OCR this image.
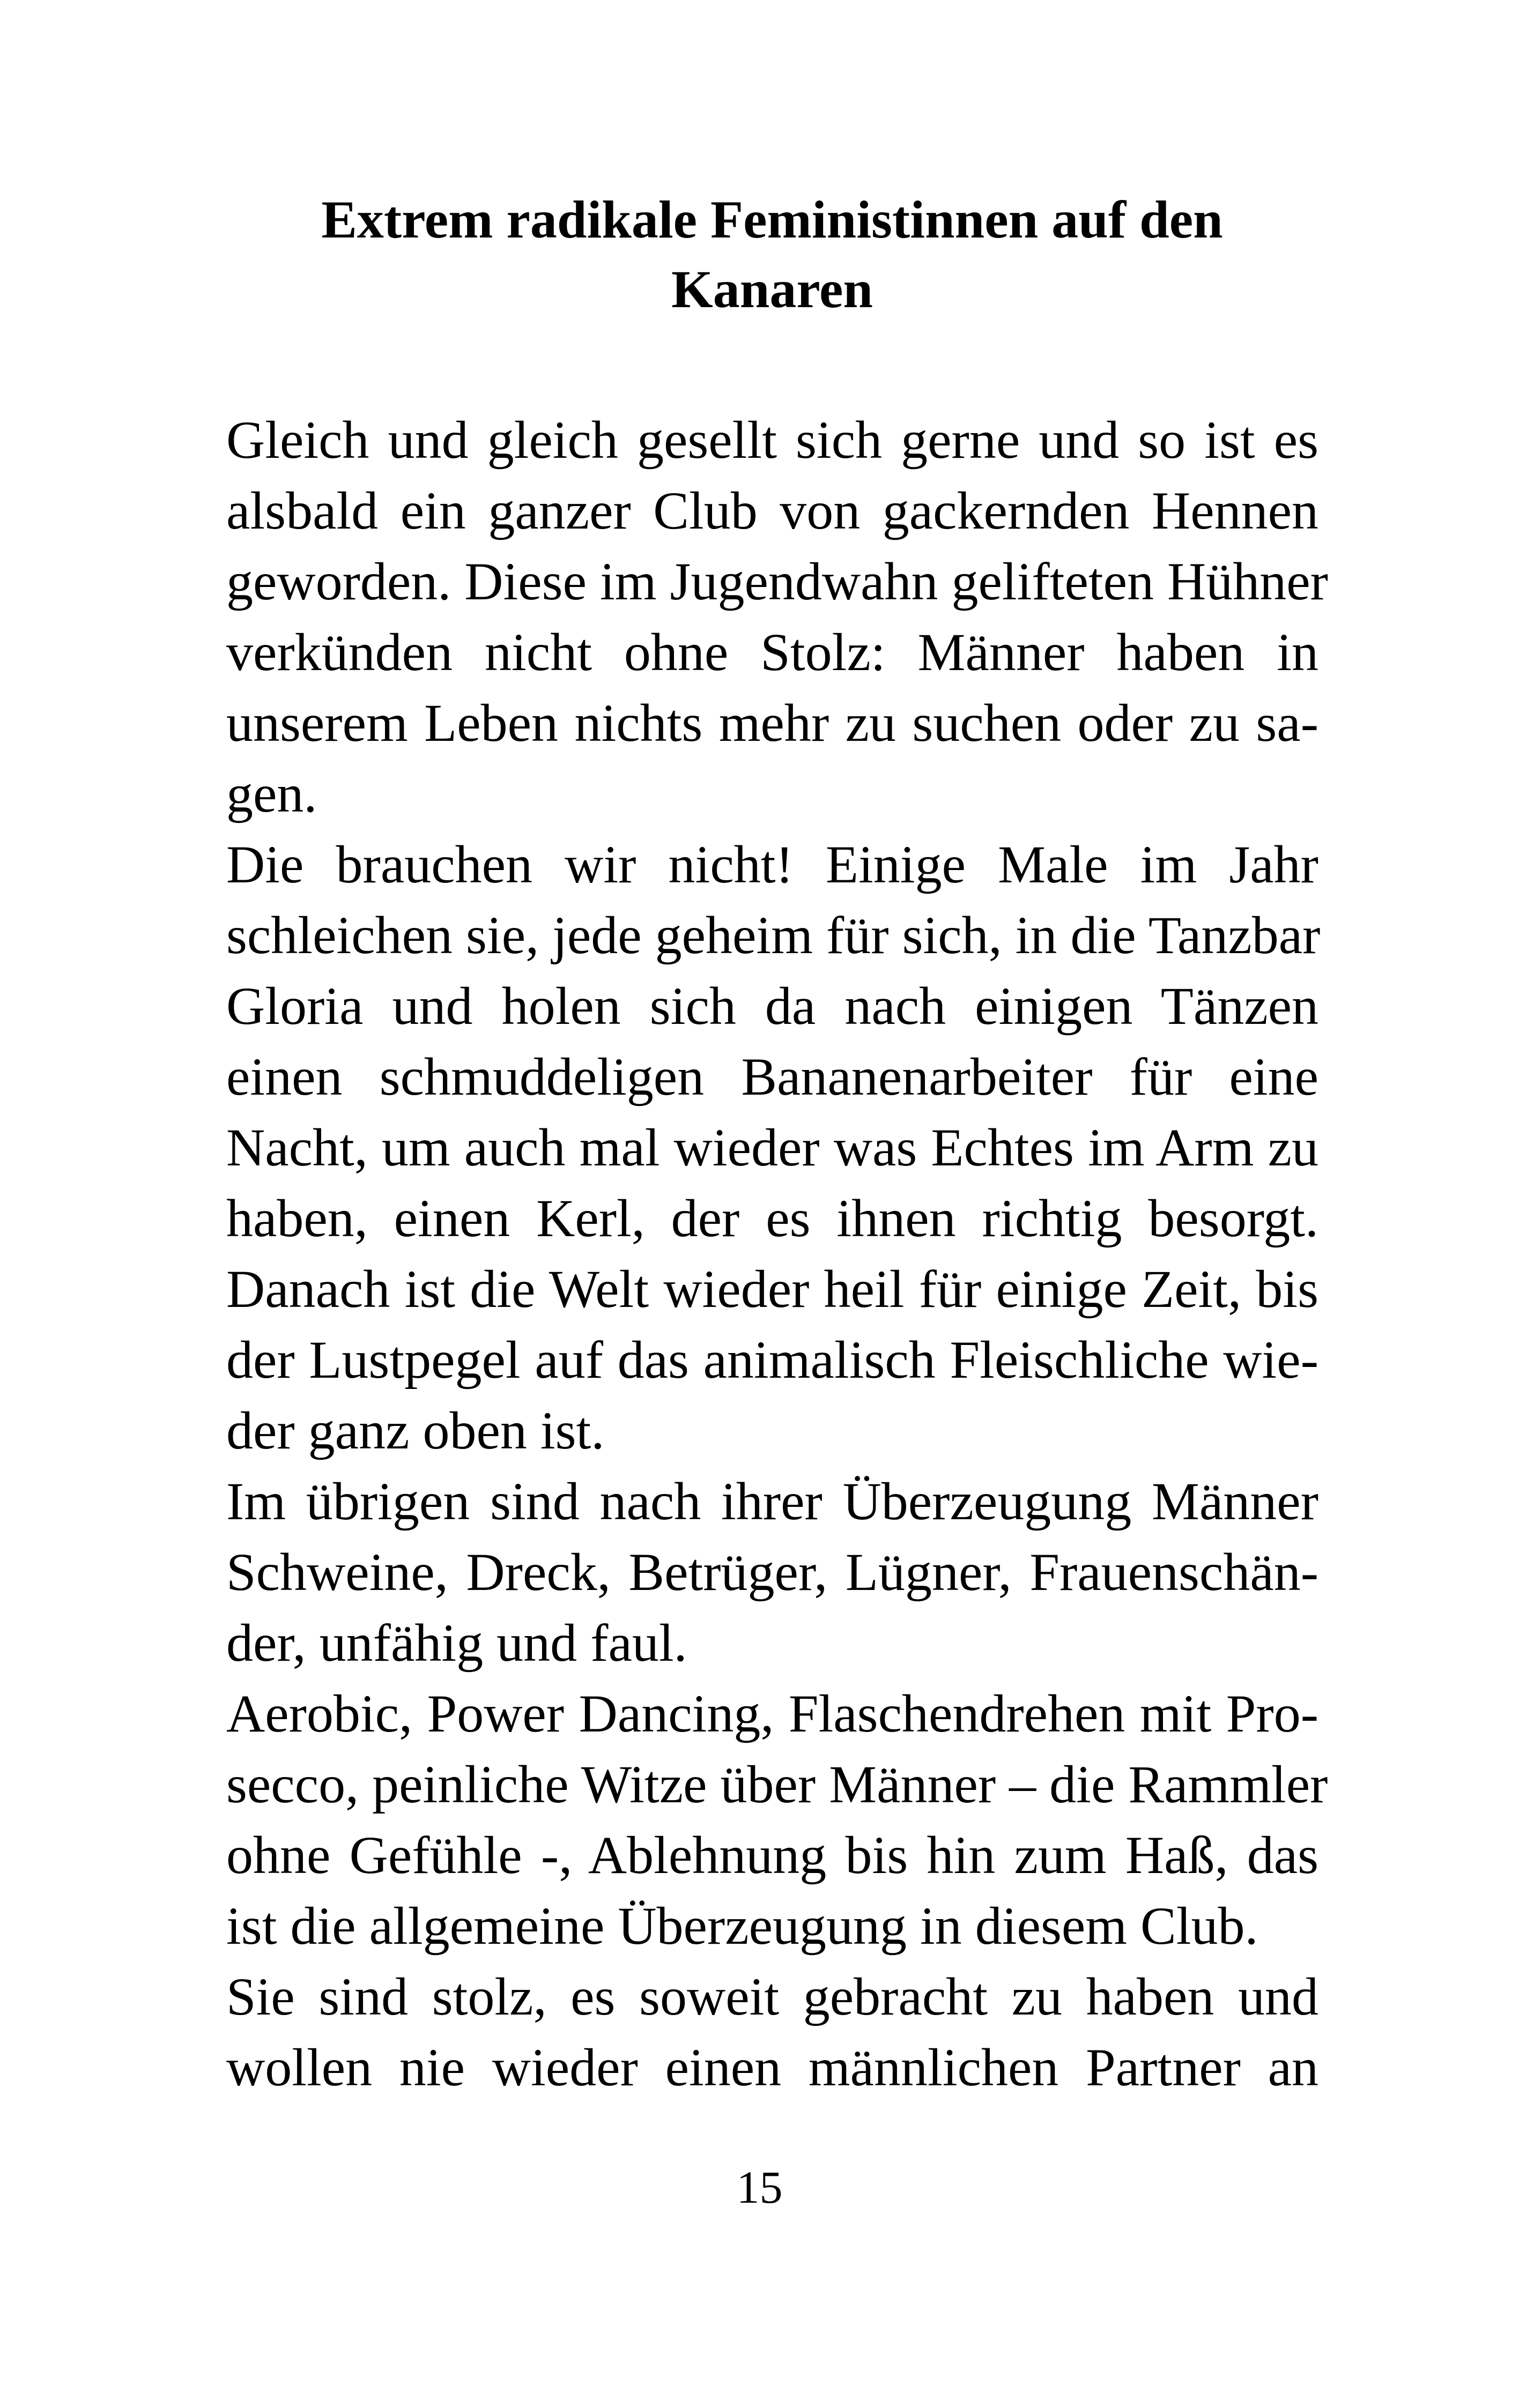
Extrem radikale Feministinnen auf den
Kanaren
Gleich und gleich gesellt sich gerne und so ist es
alsbald ein ganzer Club von gackernden Hennen
geworden. Diese im Jugendwahn gelifteten Hühner
verkünden nicht ohne Stolz: Männer haben in
unserem Leben nichts mehr zu suchen oder zu sa-
gen.
Die brauchen wir nicht! Einige Male im Jahr
schleichen sie, jede geheim für sich, in die Tanzbar
Gloria und holen sich da nach einigen Tänzen
einen schmuddeligen Bananenarbeiter für eine
Nacht, um auch mal wieder was Echtes im Arm zu
haben, einen Kerl, der es ihnen richtig besorgt.
Danach ist die Welt wieder heil für einige Zeit, bis
der Lustpegel auf das animalisch Fleischliche wie-
der ganz oben ist.
Im übrigen sind nach ihrer Überzeugung Männer
Schweine, Dreck, Betrüger, Lügner, Frauenschän-
der, unfähig und faul.
Aerobic, Power Dancing, Flaschendrehen mit Pro-
secco, peinliche Witze über Männer – die Rammler
ohne Gefühle -, Ablehnung bis hin zum Haß, das
ist die allgemeine Überzeugung in diesem Club.
Sie sind stolz, es soweit gebracht zu haben und
wollen nie wieder einen männlichen Partner an
15
